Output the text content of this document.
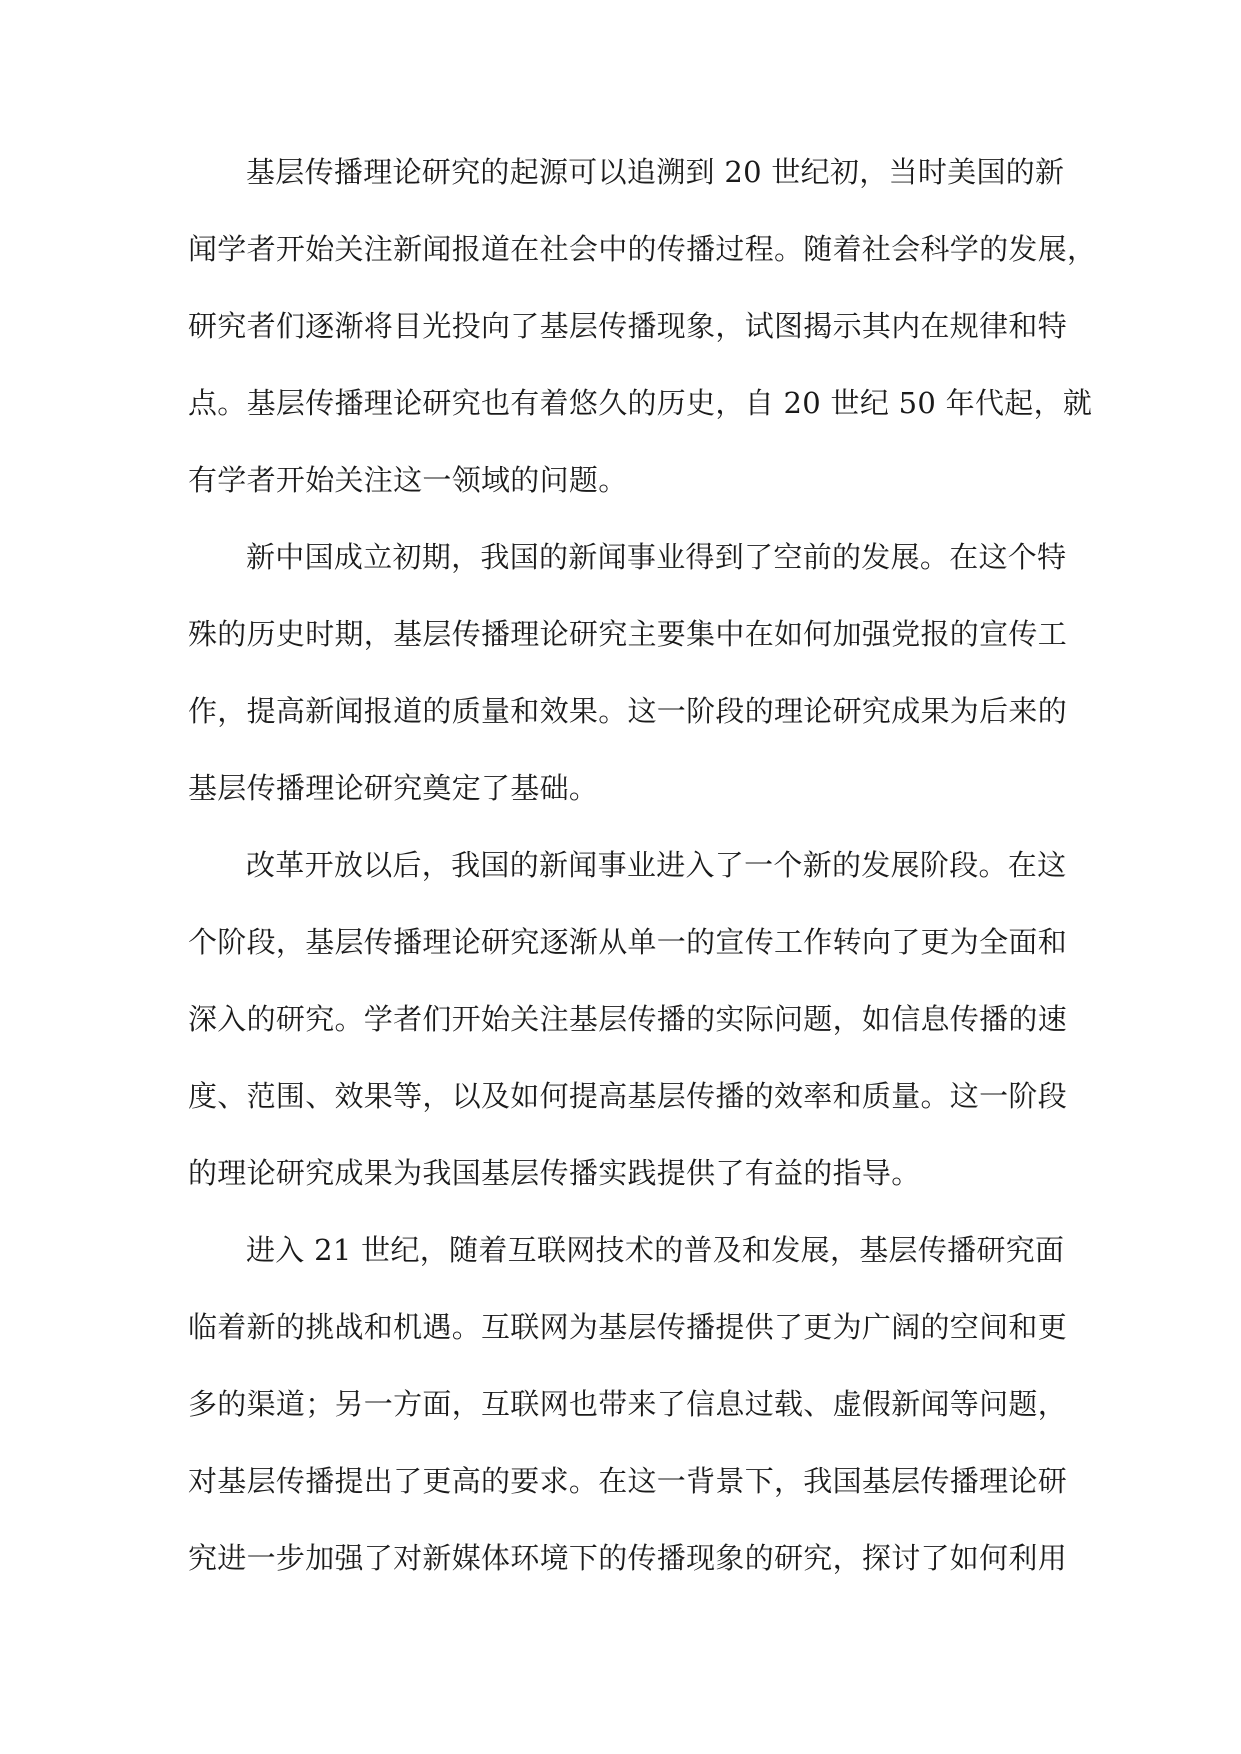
基层传播理论研究的起源可以追溯到 20 世纪初，当时美国的新
闻学者开始关注新闻报道在社会中的传播过程。随着社会科学的发展，
研究者们逐渐将目光投向了基层传播现象，试图揭示其内在规律和特
点。基层传播理论研究也有着悠久的历史，自 20 世纪 50 年代起，就
有学者开始关注这一领域的问题。
新中国成立初期，我国的新闻事业得到了空前的发展。在这个特
殊的历史时期，基层传播理论研究主要集中在如何加强党报的宣传工
作，提高新闻报道的质量和效果。这一阶段的理论研究成果为后来的
基层传播理论研究奠定了基础。
改革开放以后，我国的新闻事业进入了一个新的发展阶段。在这
个阶段，基层传播理论研究逐渐从单一的宣传工作转向了更为全面和
深入的研究。学者们开始关注基层传播的实际问题，如信息传播的速
度、范围、效果等，以及如何提高基层传播的效率和质量。这一阶段
的理论研究成果为我国基层传播实践提供了有益的指导。
进入 21 世纪，随着互联网技术的普及和发展，基层传播研究面
临着新的挑战和机遇。互联网为基层传播提供了更为广阔的空间和更
多的渠道；另一方面，互联网也带来了信息过载、虚假新闻等问题，
对基层传播提出了更高的要求。在这一背景下，我国基层传播理论研
究进一步加强了对新媒体环境下的传播现象的研究，探讨了如何利用
